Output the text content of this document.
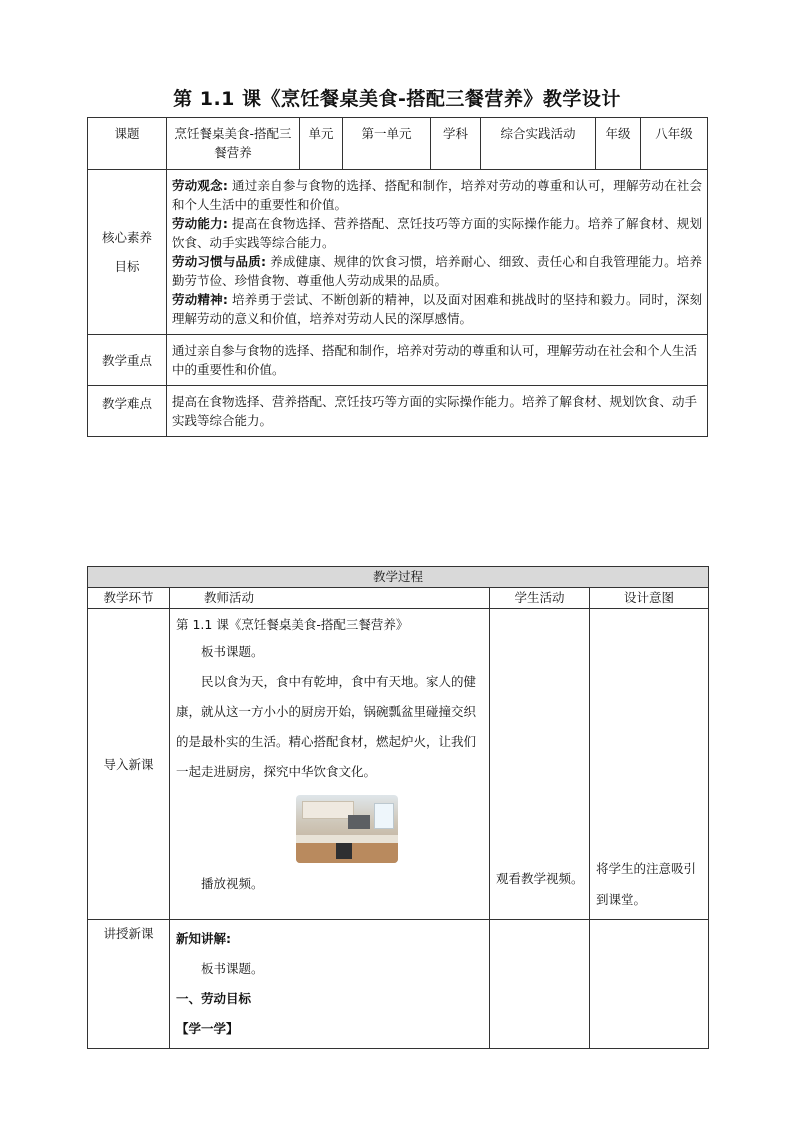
第 1.1 课《烹饪餐桌美食-搭配三餐营养》教学设计
课题	烹饪餐桌美食-搭配三餐营养	单元	第一单元	学科	综合实践活动	年级	八年级
核心素养目标	劳动观念: 通过亲自参与食物的选择、搭配和制作，培养对劳动的尊重和认可，理解劳动在社会和个人生活中的重要性和价值。
劳动能力: 提高在食物选择、营养搭配、烹饪技巧等方面的实际操作能力。培养了解食材、规划饮食、动手实践等综合能力。
劳动习惯与品质: 养成健康、规律的饮食习惯，培养耐心、细致、责任心和自我管理能力。培养勤劳节俭、珍惜食物、尊重他人劳动成果的品质。
劳动精神: 培养勇于尝试、不断创新的精神，以及面对困难和挑战时的坚持和毅力。同时，深刻理解劳动的意义和价值，培养对劳动人民的深厚感情。						

教学重点	通过亲自参与食物的选择、搭配和制作，培养对劳动的尊重和认可，理解劳动在社会和个人生活中的重要性和价值。						
教学难点	提高在食物选择、营养搭配、烹饪技巧等方面的实际操作能力。培养了解食材、规划饮食、动手实践等综合能力。						
教学过程			
教学环节	教师活动	学生活动	设计意图
导入新课	第 1.1 课《烹饪餐桌美食-搭配三餐营养》
板书课题。
民以食为天，食中有乾坤，食中有天地。家人的健康，就从这一方小小的厨房开始，锅碗瓢盆里碰撞交织的是最朴实的生活。精心搭配食材，燃起炉火，让我们一起走进厨房，探究中华饮食文化。
播放视频。	观看教学视频。	将学生的注意吸引到课堂。
讲授新课	新知讲解:
板书课题。
一、劳动目标
【学一学】		
